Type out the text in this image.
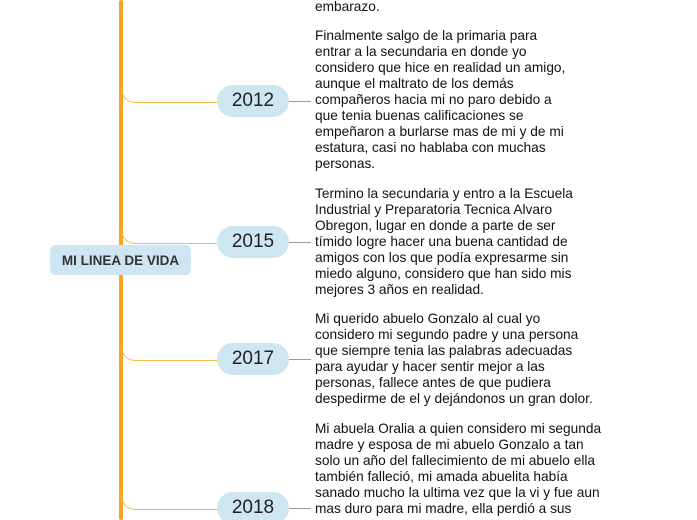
MI LINEA DE VIDA
2012
2015
2017
2018
embarazo.
Finalmente salgo de la primaria para
entrar a la secundaria en donde yo
considero que hice en realidad un amigo,
aunque el maltrato de los demás
compañeros hacia mi no paro debido a
que tenia buenas calificaciones se
empeñaron a burlarse mas de mi y de mi
estatura, casi no hablaba con muchas
personas.
Termino la secundaria y entro a la Escuela
Industrial y Preparatoria Tecnica Alvaro
Obregon, lugar en donde a parte de ser
tímido logre hacer una buena cantidad de
amigos con los que podía expresarme sin
miedo alguno, considero que han sido mis
mejores 3 años en realidad.
Mi querido abuelo Gonzalo al cual yo
considero mi segundo padre y una persona
que siempre tenia las palabras adecuadas
para ayudar y hacer sentir mejor a las
personas, fallece antes de que pudiera
despedirme de el y dejándonos un gran dolor.
Mi abuela Oralia a quien considero mi segunda
madre y esposa de mi abuelo Gonzalo a tan
solo un año del fallecimiento de mi abuelo ella
también falleció, mi amada abuelita había
sanado mucho la ultima vez que la vi y fue aun
mas duro para mi madre, ella perdió a sus
